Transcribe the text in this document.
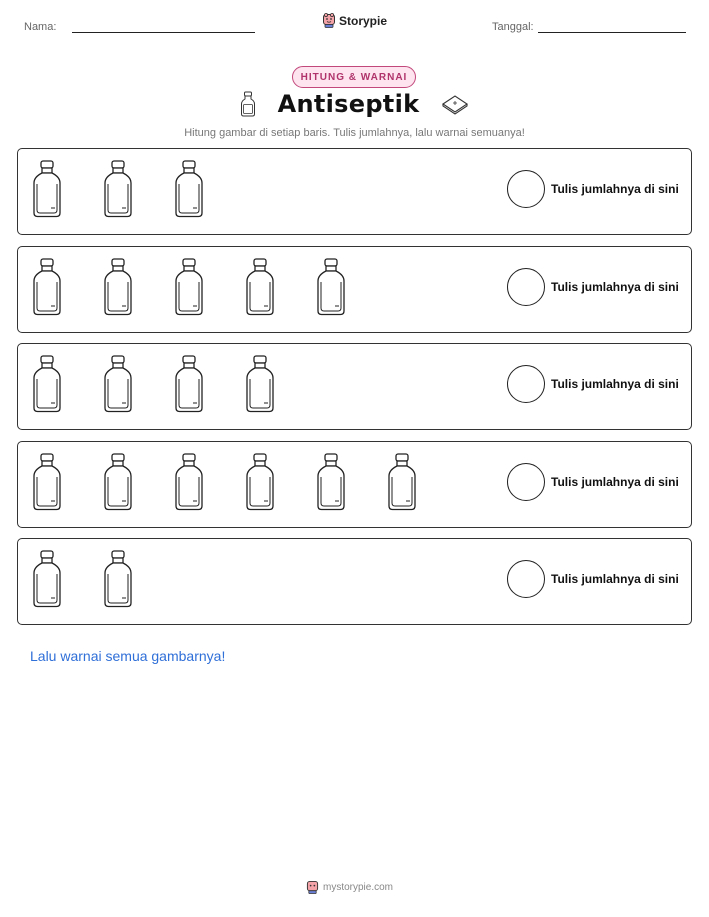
Nama:	Storypie	Tanggal:
HITUNG & WARNAI
Antiseptik
Hitung gambar di setiap baris. Tulis jumlahnya, lalu warnai semuanya!
Tulis jumlahnya di sini
Tulis jumlahnya di sini
Tulis jumlahnya di sini
Tulis jumlahnya di sini
Tulis jumlahnya di sini
Lalu warnai semua gambarnya!
mystorypie.com
